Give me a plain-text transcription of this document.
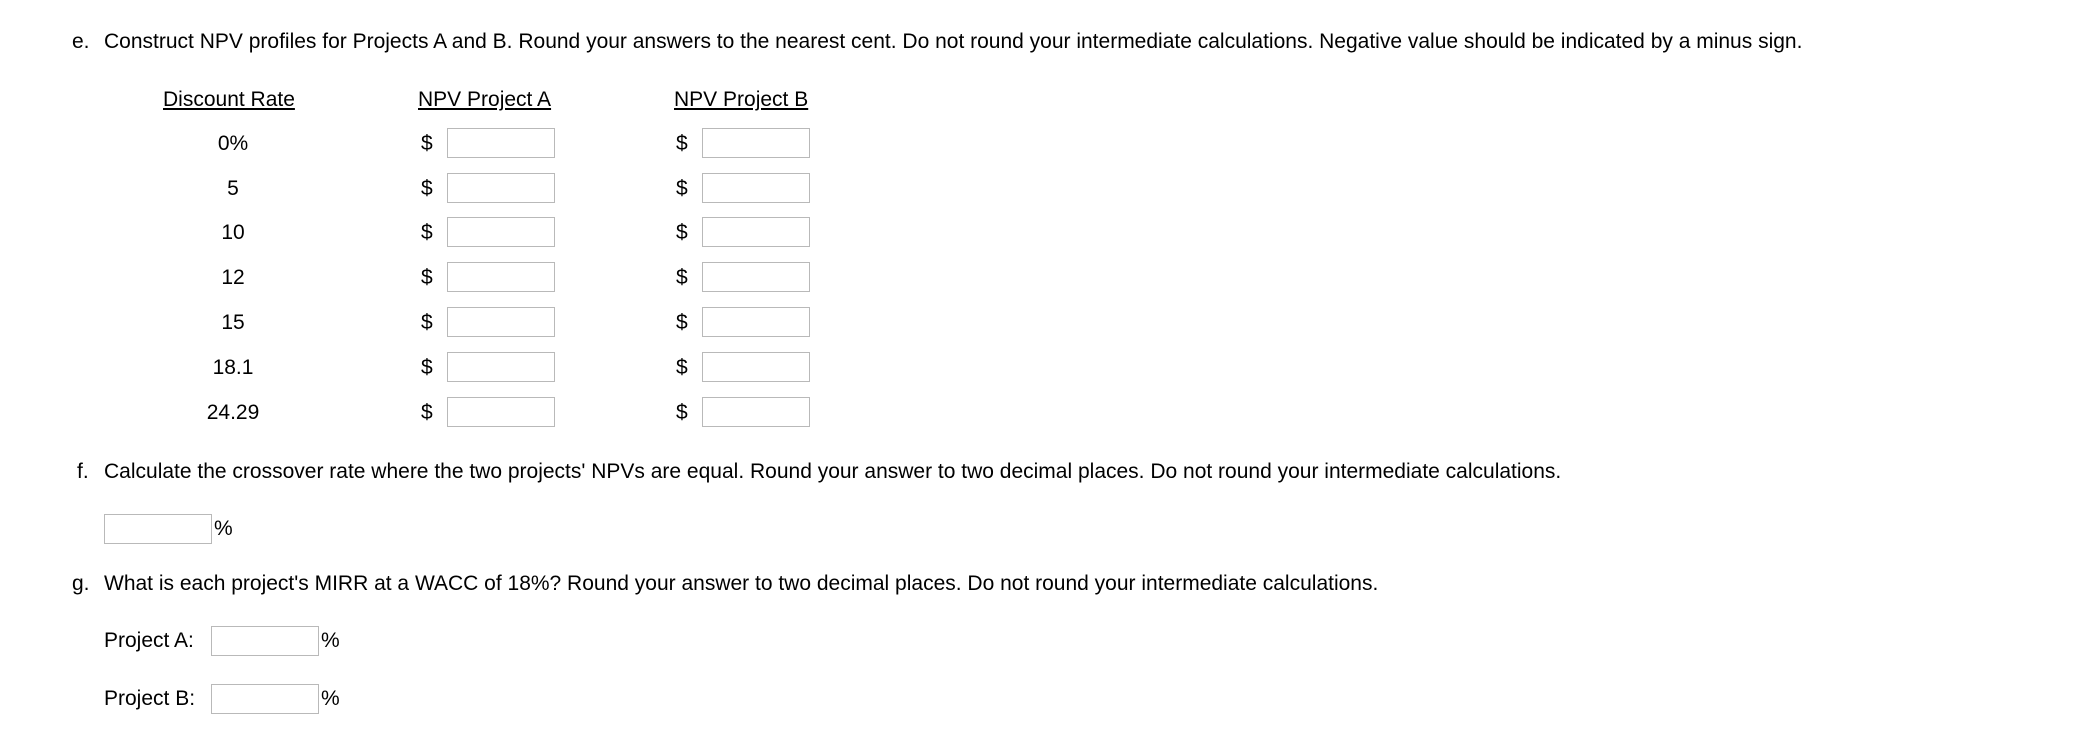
e. Construct NPV profiles for Projects A and B. Round your answers to the nearest cent. Do not round your intermediate calculations. Negative value should be indicated by a minus sign.
Discount Rate	NPV Project A	NPV Project B
0%	$	$
5	$	$
10	$	$
12	$	$
15	$	$
18.1	$	$
24.29	$	$
f. Calculate the crossover rate where the two projects' NPVs are equal. Round your answer to two decimal places. Do not round your intermediate calculations.
%
g. What is each project's MIRR at a WACC of 18%? Round your answer to two decimal places. Do not round your intermediate calculations.
Project A:	%
Project B:	%
